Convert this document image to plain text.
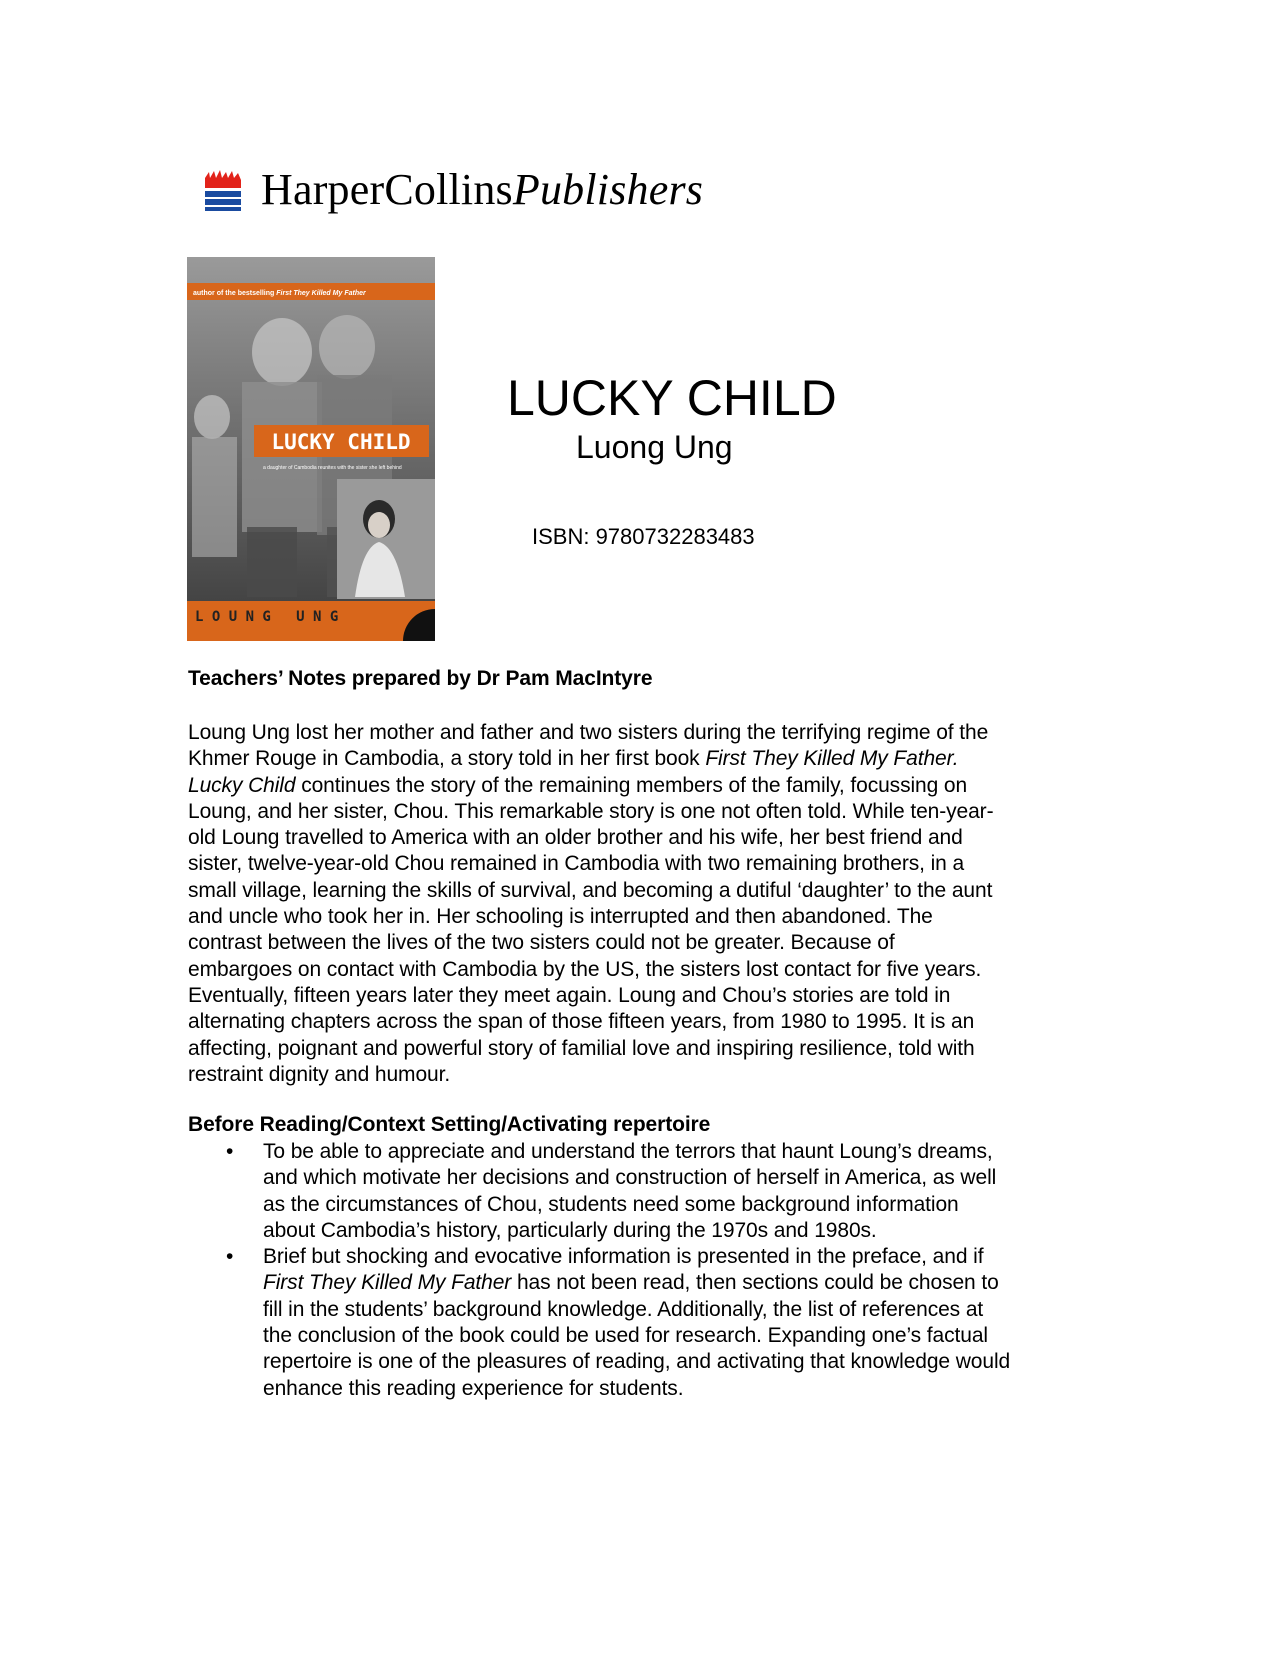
HarperCollinsPublishers
author of the bestselling First They Killed My Father
LUCKY CHILD
a daughter of Cambodia reunites with the sister she left behind
L O U N G   U N G
LUCKY CHILD
Luong Ung
ISBN: 9780732283483
Teachers’ Notes prepared by Dr Pam MacIntyre
Loung Ung lost her mother and father and two sisters during the terrifying regime of the
Khmer Rouge in Cambodia, a story told in her first book First They Killed My Father.
Lucky Child continues the story of the remaining members of the family, focussing on
Loung, and her sister, Chou. This remarkable story is one not often told. While ten-year-
old Loung travelled to America with an older brother and his wife, her best friend and
sister, twelve-year-old Chou remained in Cambodia with two remaining brothers, in a
small village, learning the skills of survival, and becoming a dutiful ‘daughter’ to the aunt
and uncle who took her in. Her schooling is interrupted and then abandoned. The
contrast between the lives of the two sisters could not be greater. Because of
embargoes on contact with Cambodia by the US, the sisters lost contact for five years.
Eventually, fifteen years later they meet again. Loung and Chou’s stories are told in
alternating chapters across the span of those fifteen years, from 1980 to 1995. It is an
affecting, poignant and powerful story of familial love and inspiring resilience, told with
restraint dignity and humour.
Before Reading/Context Setting/Activating repertoire
• To be able to appreciate and understand the terrors that haunt Loung’s dreams,
and which motivate her decisions and construction of herself in America, as well
as the circumstances of Chou, students need some background information
about Cambodia’s history, particularly during the 1970s and 1980s.
• Brief but shocking and evocative information is presented in the preface, and if
First They Killed My Father has not been read, then sections could be chosen to
fill in the students’ background knowledge. Additionally, the list of references at
the conclusion of the book could be used for research. Expanding one’s factual
repertoire is one of the pleasures of reading, and activating that knowledge would
enhance this reading experience for students.
